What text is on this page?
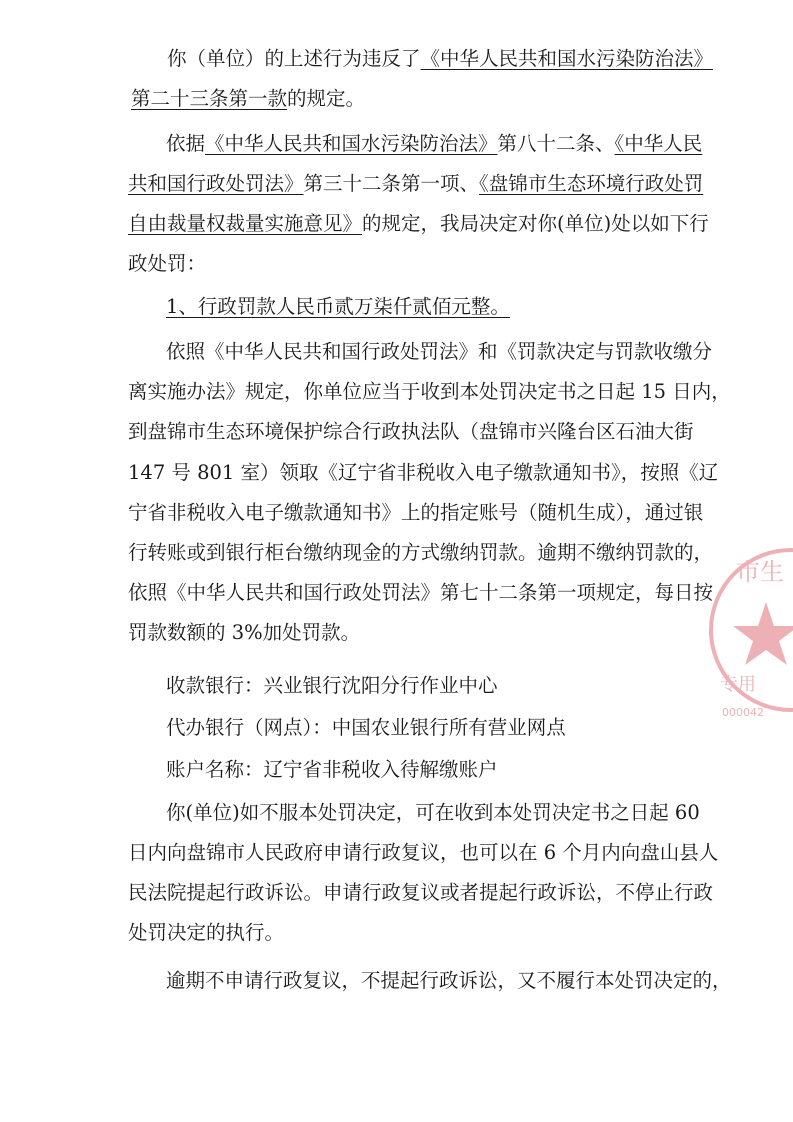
你（单位）的上述行为违反了《中华人民共和国水污染防治法》
第二十三条第一款的规定。
依据《中华人民共和国水污染防治法》第八十二条、《中华人民
共和国行政处罚法》第三十二条第一项、《盘锦市生态环境行政处罚
自由裁量权裁量实施意见》的规定，我局决定对你(单位)处以如下行
政处罚：
1、行政罚款人民币贰万柒仟贰佰元整。
依照《中华人民共和国行政处罚法》和《罚款决定与罚款收缴分
离实施办法》规定，你单位应当于收到本处罚决定书之日起 15 日内，
到盘锦市生态环境保护综合行政执法队（盘锦市兴隆台区石油大街
147 号 801 室）领取《辽宁省非税收入电子缴款通知书》，按照《辽
宁省非税收入电子缴款通知书》上的指定账号（随机生成），通过银
行转账或到银行柜台缴纳现金的方式缴纳罚款。逾期不缴纳罚款的，
依照《中华人民共和国行政处罚法》第七十二条第一项规定，每日按
罚款数额的 3%加处罚款。
收款银行：兴业银行沈阳分行作业中心
代办银行（网点）：中国农业银行所有营业网点
账户名称：辽宁省非税收入待解缴账户
你(单位)如不服本处罚决定，可在收到本处罚决定书之日起 60
日内向盘锦市人民政府申请行政复议，也可以在 6 个月内向盘山县人
民法院提起行政诉讼。申请行政复议或者提起行政诉讼，不停止行政
处罚决定的执行。
逾期不申请行政复议，不提起行政诉讼，又不履行本处罚决定的，
市生
专用
000042
